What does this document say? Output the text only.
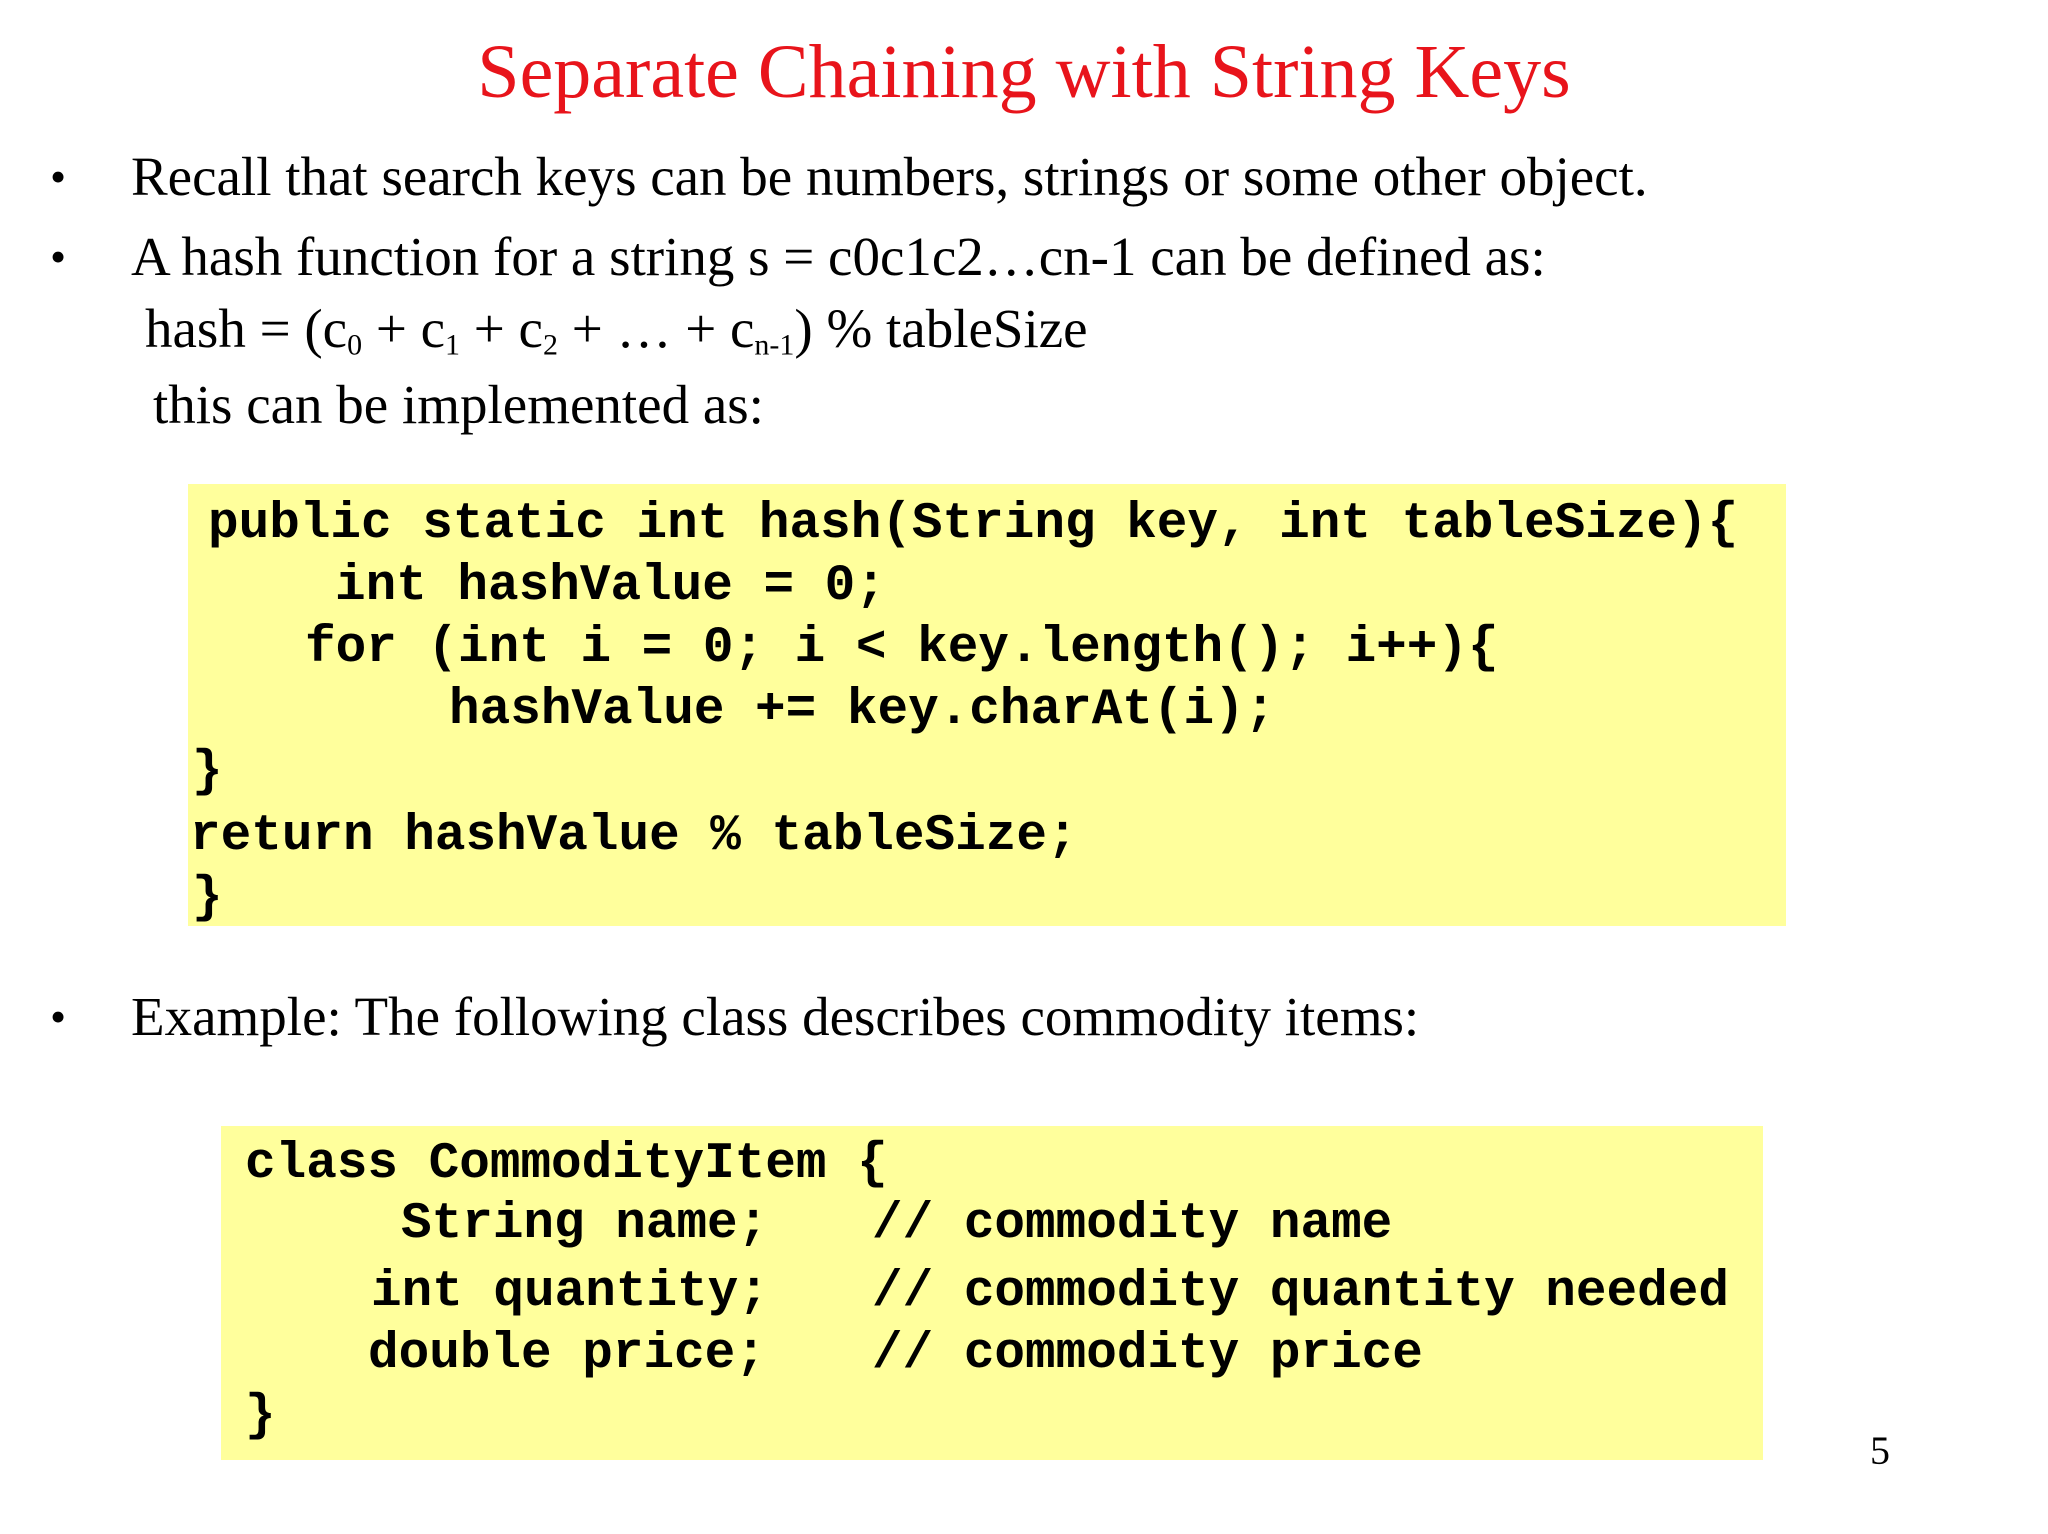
Separate Chaining with String Keys
• Recall that search keys can be numbers, strings or some other object.
• A hash function for a string s = c0c1c2…cn-1 can be defined as:
hash = ($c_0 + c_1 + c_2$ + … + $c_{n-1}$) % tableSize
this can be implemented as:
public static int hash(String key, int tableSize){
int hashValue = 0;
for (int i = 0; i < key.length(); i++){
hashValue += key.charAt(i);
}
return hashValue % tableSize;
}
• Example: The following class describes commodity items:
class CommodityItem {
String name; // commodity name
int quantity; // commodity quantity needed
double price; // commodity price
}
5
